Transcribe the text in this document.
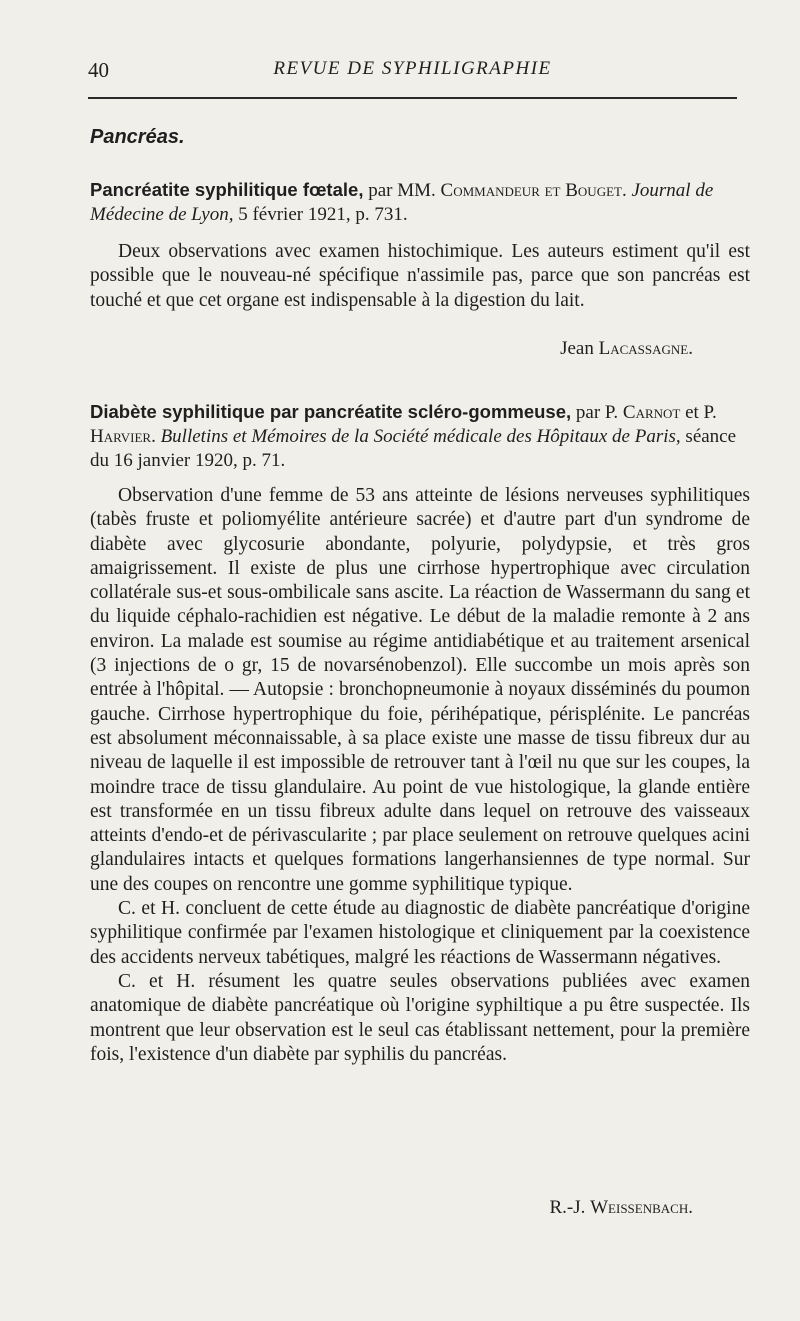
40	REVUE DE SYPHILIGRAPHIE
Pancréas.
Pancréatite syphilitique fœtale, par MM. Commandeur et Bouget. Journal de Médecine de Lyon, 5 février 1921, p. 731.

Deux observations avec examen histochimique. Les auteurs estiment qu'il est possible que le nouveau-né spécifique n'assimile pas, parce que son pancréas est touché et que cet organe est indispensable à la digestion du lait.

Jean Lacassagne.
Diabète syphilitique par pancréatite scléro-gommeuse, par P. Carnot et P. Harvier. Bulletins et Mémoires de la Société médicale des Hôpitaux de Paris, séance du 16 janvier 1920, p. 71.

Observation d'une femme de 53 ans atteinte de lésions nerveuses syphilitiques (tabès fruste et poliomyélite antérieure sacrée) et d'autre part d'un syndrome de diabète avec glycosurie abondante, polyurie, polydypsie, et très gros amaigrissement. Il existe de plus une cirrhose hypertrophique avec circulation collatérale sus-et sous-ombilicale sans ascite. La réaction de Wassermann du sang et du liquide céphalo-rachidien est négative. Le début de la maladie remonte à 2 ans environ. La malade est soumise au régime antidiabétique et au traitement arsenical (3 injections de o gr, 15 de novarsénobenzol). Elle succombe un mois après son entrée à l'hôpital. — Autopsie : bronchopneumonie à noyaux disséminés du poumon gauche. Cirrhose hypertrophique du foie, périhépatique, périsplénite. Le pancréas est absolument méconnaissable, à sa place existe une masse de tissu fibreux dur au niveau de laquelle il est impossible de retrouver tant à l'œil nu que sur les coupes, la moindre trace de tissu glandulaire. Au point de vue histologique, la glande entière est transformée en un tissu fibreux adulte dans lequel on retrouve des vaisseaux atteints d'endo-et de périvascularite ; par place seulement on retrouve quelques acini glandulaires intacts et quelques formations langerhansiennes de type normal. Sur une des coupes on rencontre une gomme syphilitique typique.

C. et H. concluent de cette étude au diagnostic de diabète pancréatique d'origine syphilitique confirmée par l'examen histologique et cliniquement par la coexistence des accidents nerveux tabétiques, malgré les réactions de Wassermann négatives.

C. et H. résument les quatre seules observations publiées avec examen anatomique de diabète pancréatique où l'origine syphiltique a pu être suspectée. Ils montrent que leur observation est le seul cas établissant nettement, pour la première fois, l'existence d'un diabète par syphilis du pancréas.

R.-J. Weissenbach.
